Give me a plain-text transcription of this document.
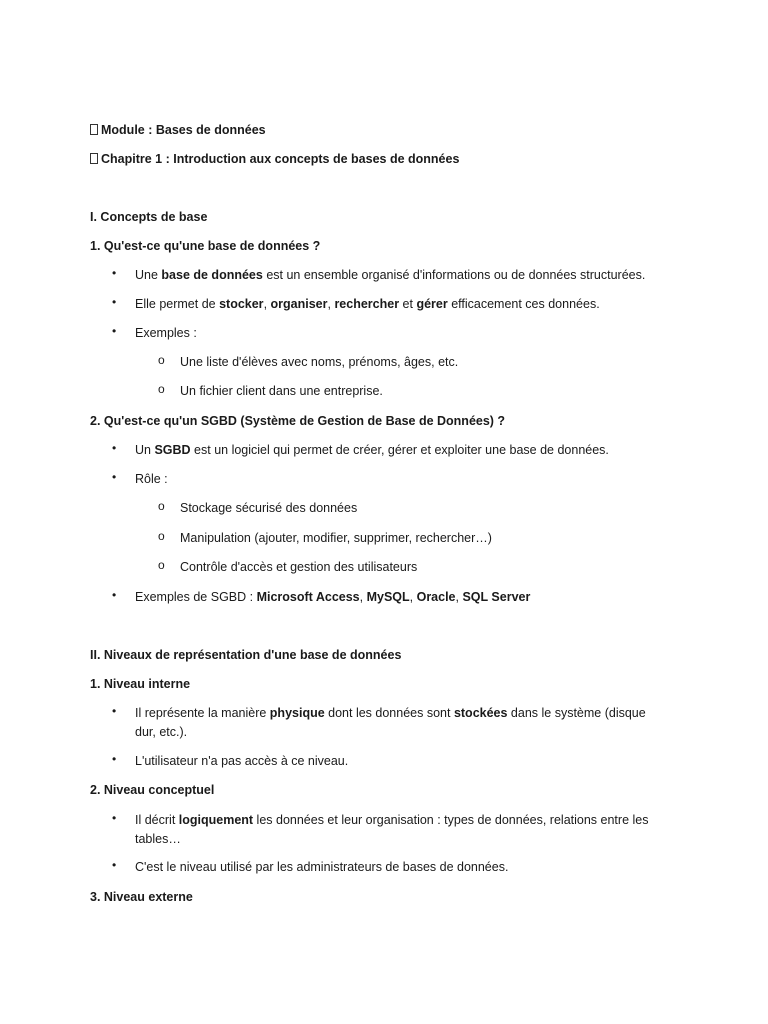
Module : Bases de données
Chapitre 1 : Introduction aux concepts de bases de données
I. Concepts de base
1. Qu'est-ce qu'une base de données ?
• Une base de données est un ensemble organisé d'informations ou de données structurées.
• Elle permet de stocker, organiser, rechercher et gérer efficacement ces données.
• Exemples :
o Une liste d'élèves avec noms, prénoms, âges, etc.
o Un fichier client dans une entreprise.
2. Qu'est-ce qu'un SGBD (Système de Gestion de Base de Données) ?
• Un SGBD est un logiciel qui permet de créer, gérer et exploiter une base de données.
• Rôle :
o Stockage sécurisé des données
o Manipulation (ajouter, modifier, supprimer, rechercher…)
o Contrôle d'accès et gestion des utilisateurs
• Exemples de SGBD : Microsoft Access, MySQL, Oracle, SQL Server
II. Niveaux de représentation d'une base de données
1. Niveau interne
• Il représente la manière physique dont les données sont stockées dans le système (disque dur, etc.).
• L'utilisateur n'a pas accès à ce niveau.
2. Niveau conceptuel
• Il décrit logiquement les données et leur organisation : types de données, relations entre les tables…
• C'est le niveau utilisé par les administrateurs de bases de données.
3. Niveau externe
